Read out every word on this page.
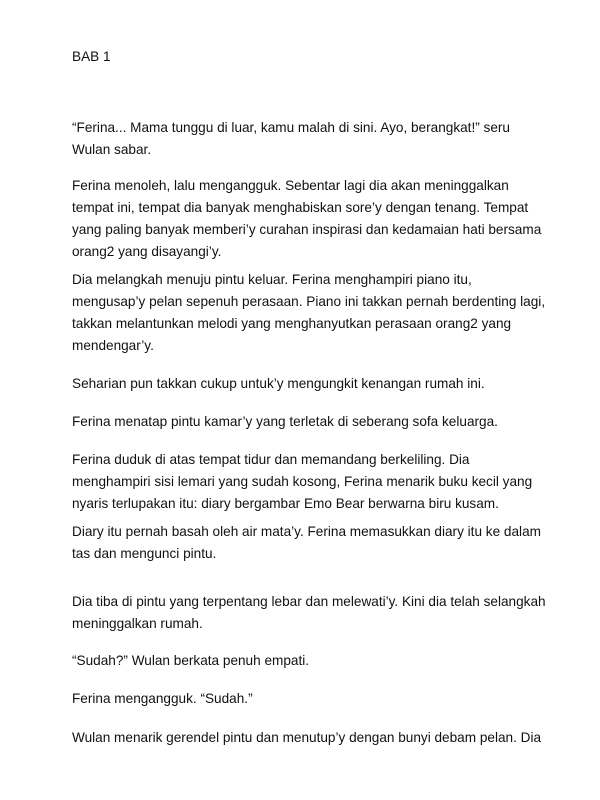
BAB 1
“Ferina... Mama tunggu di luar, kamu malah di sini. Ayo, berangkat!” seru
Wulan sabar.
Ferina menoleh, lalu mengangguk. Sebentar lagi dia akan meninggalkan
tempat ini, tempat dia banyak menghabiskan sore’y dengan tenang. Tempat
yang paling banyak memberi’y curahan inspirasi dan kedamaian hati bersama
orang2 yang disayangi’y.
Dia melangkah menuju pintu keluar. Ferina menghampiri piano itu,
mengusap’y pelan sepenuh perasaan. Piano ini takkan pernah berdenting lagi,
takkan melantunkan melodi yang menghanyutkan perasaan orang2 yang
mendengar’y.
Seharian pun takkan cukup untuk’y mengungkit kenangan rumah ini.
Ferina menatap pintu kamar’y yang terletak di seberang sofa keluarga.
Ferina duduk di atas tempat tidur dan memandang berkeliling. Dia
menghampiri sisi lemari yang sudah kosong, Ferina menarik buku kecil yang
nyaris terlupakan itu: diary bergambar Emo Bear berwarna biru kusam.
Diary itu pernah basah oleh air mata’y. Ferina memasukkan diary itu ke dalam
tas dan mengunci pintu.
Dia tiba di pintu yang terpentang lebar dan melewati’y. Kini dia telah selangkah
meninggalkan rumah.
“Sudah?” Wulan berkata penuh empati.
Ferina mengangguk. “Sudah.”
Wulan menarik gerendel pintu dan menutup’y dengan bunyi debam pelan. Dia
